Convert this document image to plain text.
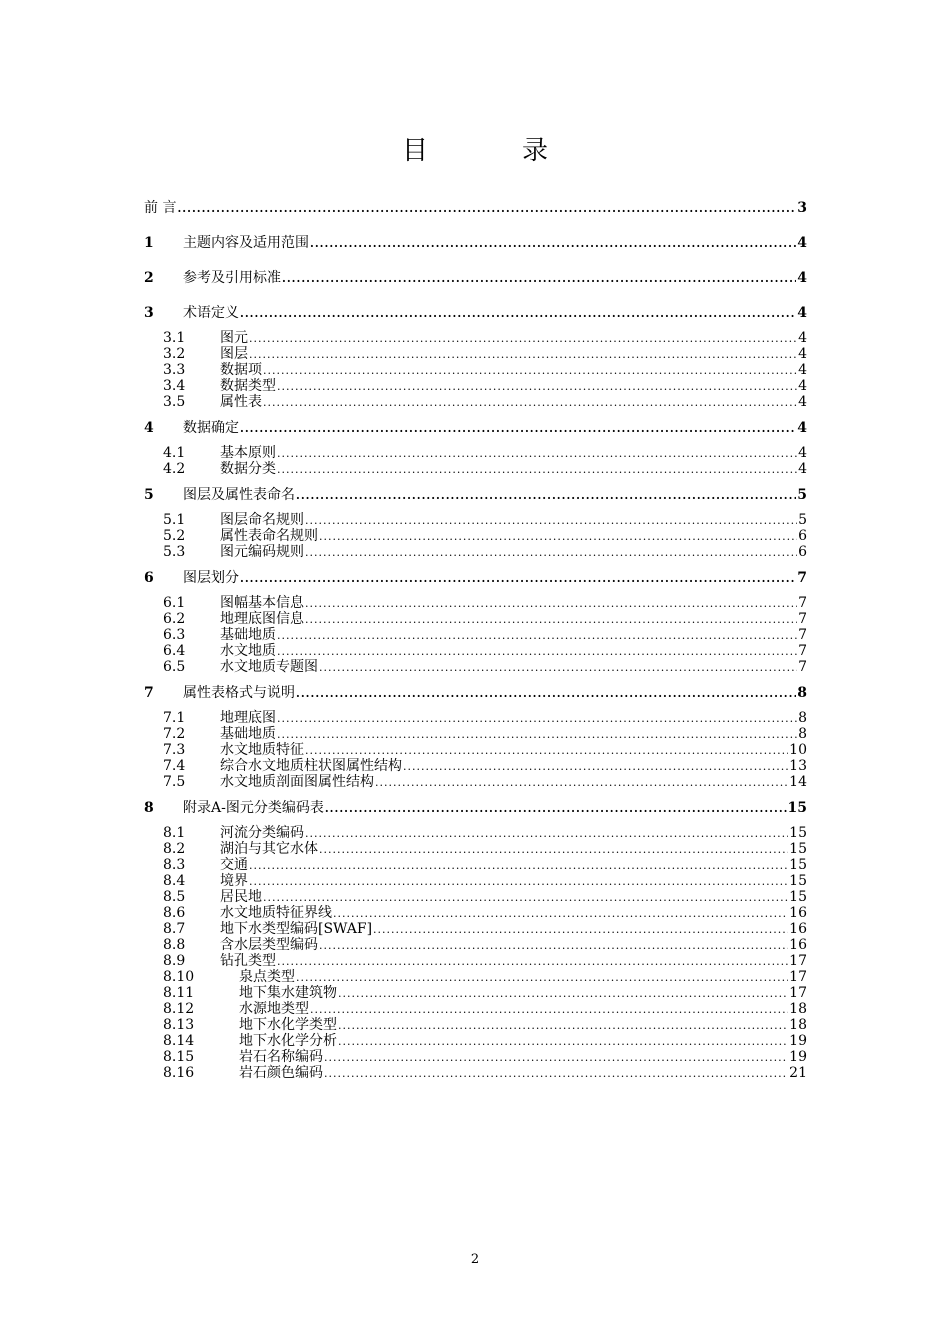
目　录
前 言 .....	3
1	主题内容及适用范围 .....	4
2	参考及引用标准 .....	4
3	术语定义 .....	4
3.1	图元 .....	4
3.2	图层 .....	4
3.3	数据项 .....	4
3.4	数据类型 .....	4
3.5	属性表 .....	4
4	数据确定 .....	4
4.1	基本原则 .....	4
4.2	数据分类 .....	4
5	图层及属性表命名 .....	5
5.1	图层命名规则 .....	5
5.2	属性表命名规则 .....	6
5.3	图元编码规则 .....	6
6	图层划分 .....	7
6.1	图幅基本信息 .....	7
6.2	地理底图信息 .....	7
6.3	基础地质 .....	7
6.4	水文地质 .....	7
6.5	水文地质专题图 .....	7
7	属性表格式与说明 .....	8
7.1	地理底图 .....	8
7.2	基础地质 .....	8
7.3	水文地质特征 .....	10
7.4	综合水文地质柱状图属性结构 .....	13
7.5	水文地质剖面图属性结构 .....	14
8	附录A-图元分类编码表 .....	15
8.1	河流分类编码 .....	15
8.2	湖泊与其它水体 .....	15
8.3	交通 .....	15
8.4	境界 .....	15
8.5	居民地 .....	15
8.6	水文地质特征界线 .....	16
8.7	地下水类型编码[SWAF] .....	16
8.8	含水层类型编码 .....	16
8.9	钻孔类型 .....	17
8.10	泉点类型 .....	17
8.11	地下集水建筑物 .....	17
8.12	水源地类型 .....	18
8.13	地下水化学类型 .....	18
8.14	地下水化学分析 .....	19
8.15	岩石名称编码 .....	19
8.16	岩石颜色编码 .....	21
2
